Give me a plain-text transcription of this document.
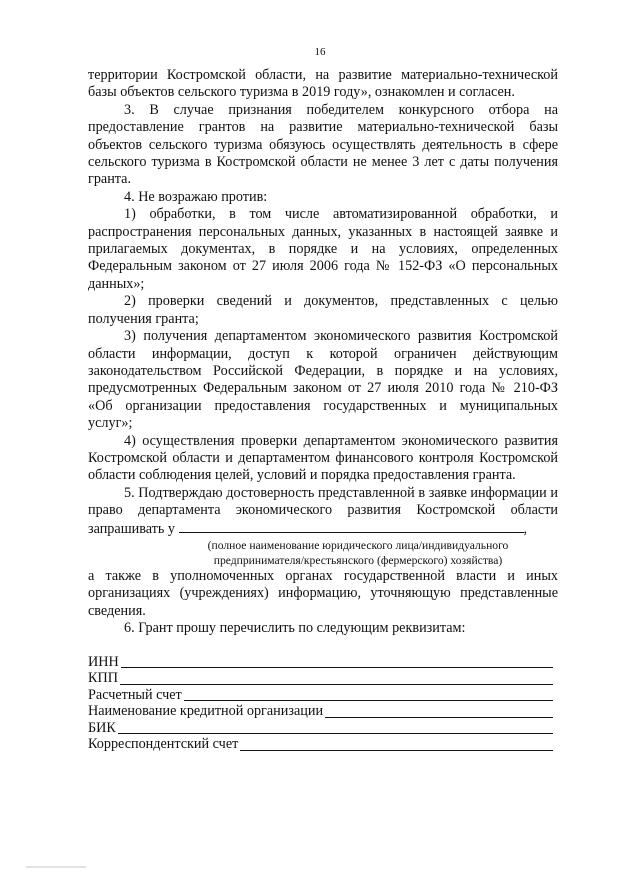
16

территории Костромской области, на развитие материально-технической базы объектов сельского туризма в 2019 году», ознакомлен и согласен.

3. В случае признания победителем конкурсного отбора на предоставление грантов на развитие материально-технической базы объектов сельского туризма обязуюсь осуществлять деятельность в сфере сельского туризма в Костромской области не менее 3 лет с даты получения гранта.

4. Не возражаю против:

1) обработки, в том числе автоматизированной обработки, и распространения персональных данных, указанных в настоящей заявке и прилагаемых документах, в порядке и на условиях, определенных Федеральным законом от 27 июля 2006 года № 152-ФЗ «О персональных данных»;

2) проверки сведений и документов, представленных с целью получения гранта;

3) получения департаментом экономического развития Костромской области информации, доступ к которой ограничен действующим законодательством Российской Федерации, в порядке и на условиях, предусмотренных Федеральным законом от 27 июля 2010 года № 210-ФЗ «Об организации предоставления государственных и муниципальных услуг»;

4) осуществления проверки департаментом экономического развития Костромской области и департаментом финансового контроля Костромской области соблюдения целей, условий и порядка предоставления гранта.

5. Подтверждаю достоверность представленной в заявке информации и право департамента экономического развития Костромской области запрашивать у	,

(полное наименование юридического лица/индивидуального предпринимателя/крестьянского (фермерского) хозяйства)

а также в уполномоченных органах государственной власти и иных организациях (учреждениях) информацию, уточняющую представленные сведения.

6. Грант прошу перечислить по следующим реквизитам:

ИНН
КПП
Расчетный счет
Наименование кредитной организации
БИК
Корреспондентский счет
